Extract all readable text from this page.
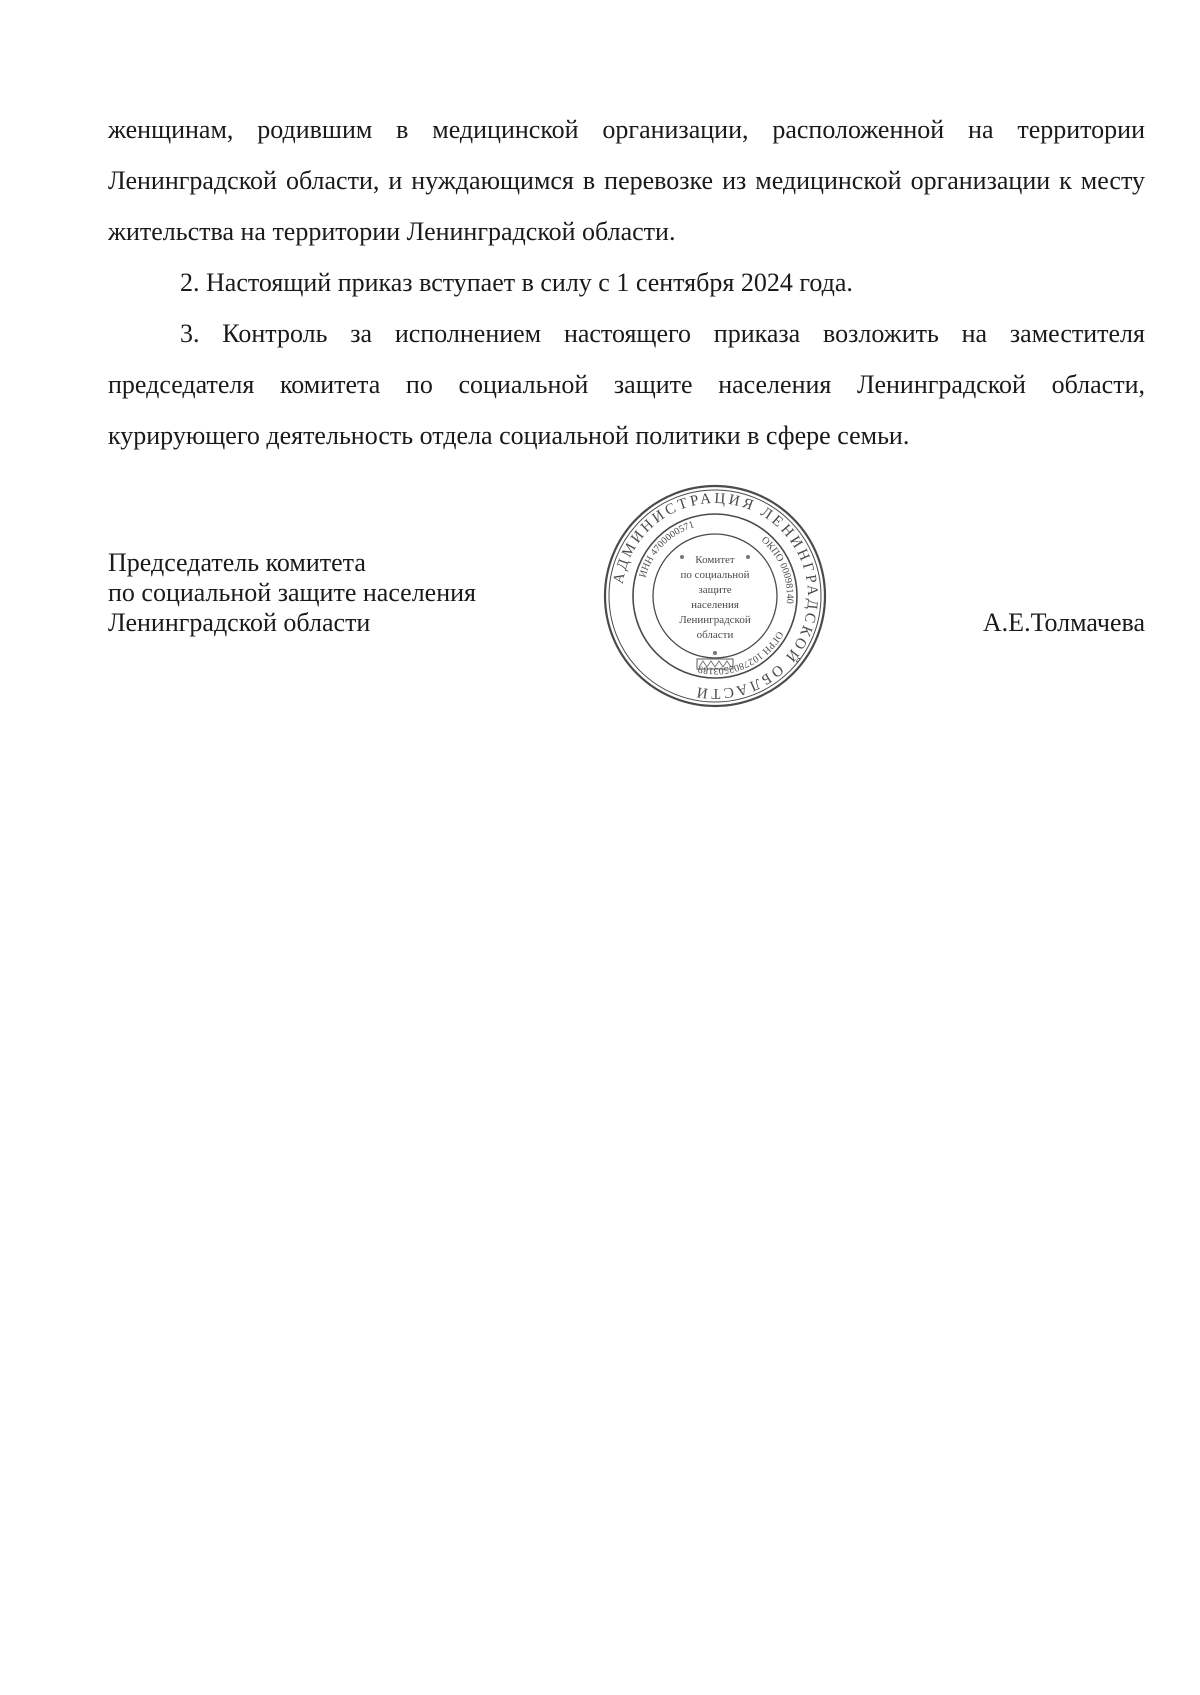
женщинам, родившим в медицинской организации, расположенной на территории Ленинградской области, и нуждающимся в перевозке из медицинской организации к месту жительства на территории Ленинградской области.

2. Настоящий приказ вступает в силу с 1 сентября 2024 года.

3. Контроль за исполнением настоящего приказа возложить на заместителя председателя комитета по социальной защите населения Ленинградской области, курирующего деятельность отдела социальной политики в сфере семьи.

Председатель комитета
по социальной защите населения
Ленинградской области
АДМИНИСТРАЦИЯ ЛЕНИНГРАДСКОЙ ОБЛАСТИ
ОКПО 00098140
ОГРН 1027802503189
ИНН 4700000571
Комитет
по социальной
защите
населения
Ленинградской
области	А.Е.Толмачева
